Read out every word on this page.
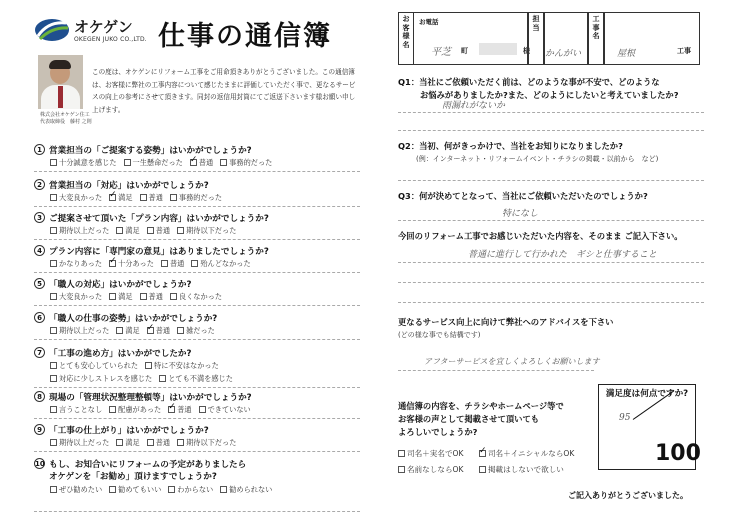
オケゲン
OKEGEN JUKO CO.,LTD. 仕事の通信簿
株式会社オケゲン住工
代表取締役　藤村 之則
この度は、オケゲンにリフォーム工事をご用命頂きありがとうございました。この通信簿は、お客様に弊社の工事内容について感じたままに評価していただく事で、更なるサービスの向上の参考にさせて頂きます。同封の返信用封筒にてご返送下さいます様お願い申し上げます。
1 営業担当の「ご提案する姿勢」はいかがでしょうか?
十分誠意を感じた 一生懸命だった ✓ 普通 事務的だった
2 営業担当の「対応」はいかがでしょうか?
大変良かった ✓ 満足 普通 事務的だった
3 ご提案させて頂いた「プラン内容」はいかがでしょうか?
期待以上だった 満足 普通 期待以下だった
4 プラン内容に「専門家の意見」はありましたでしょうか?
かなりあった ✓ 十分あった 普通 殆んどなかった
5 「職人の対応」はいかがでしょうか?
大変良かった 満足 普通 良くなかった
6 「職人の仕事の姿勢」はいかがでしょうか?
期待以上だった 満足 ✓ 普通 雑だった
7 「工事の進め方」はいかがでしたか?
とても安心していられた 特に不安はなかった
対応に少しストレスを感じた とても不満を感じた
8 現場の「管理状況整理整頓等」はいかがでしょうか?
言うことなし 配慮があった ✓ 普通 できていない
9 「工事の仕上がり」はいかがでしょうか?
期待以上だった 満足 普通 期待以下だった
10 もし、お知合いにリフォームの予定がありましたら
オケゲンを「お勧め」頂けますでしょうか?
ぜひ勧めたい 勧めてもいい わからない 勧められない
お客様名
お電話
平芝 町	様
担当
かんがい
工事名
屋根	工事
Q1：当社にご依頼いただく前は、どのような事が不安で、どのような
お悩みがありましたか?また、どのようにしたいと考えていましたか?
雨漏れがないか
Q2：当初、何がきっかけで、当社をお知りになりましたか?
(例：インターネット・リフォームイベント・チラシの掲載・以前から　など)
Q3：何が決めてとなって、当社にご依頼いただいたのでしょうか?
特になし
今回のリフォーム工事でお感じいただいた内容を、そのまま ご記入下さい。
普通に進行して行かれた　ギシと仕事すること
更なるサービス向上に向けて弊社へのアドバイスを下さい
(どの様な事でも結構です)
アフターサービスを宜しくよろしくお願いします
通信簿の内容を、チラシやホームページ等で
お客様の声として掲載させて頂いても
よろしいでしょうか?
司名＋実名でOK ✓	司名＋イニシャルならOK
名前なしならOK	掲載はしないで欲しい
満足度は何点ですか?
95
100
ご記入ありがとうございました。
